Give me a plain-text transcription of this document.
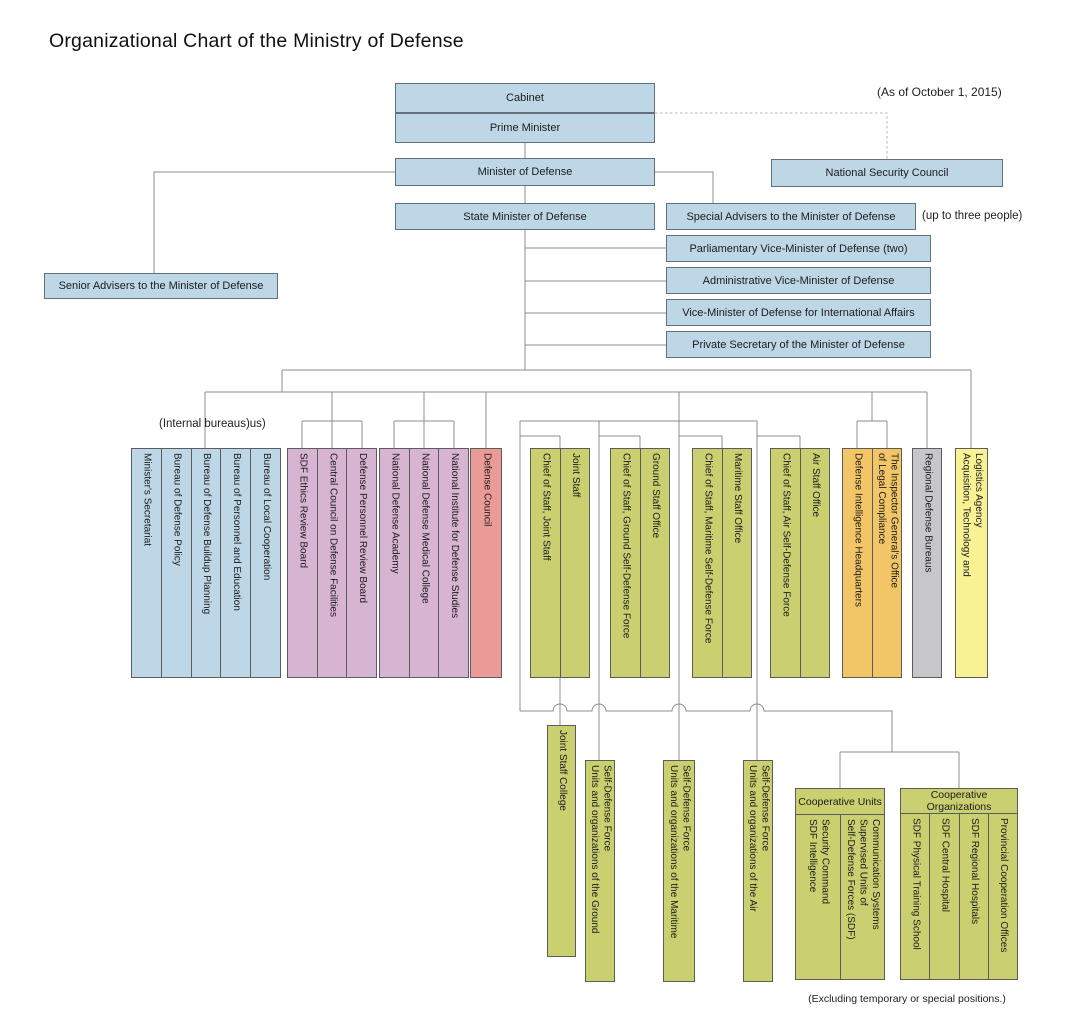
Organizational Chart of the Ministry of Defense
(As of October 1, 2015)
(up to three people)
(Internal bureaus)us)
(Excluding temporary or special positions.)
Cabinet
Prime Minister
Minister of Defense	National Security Council
State Minister of Defense	Special Advisers to the Minister of Defense
Parliamentary Vice-Minister of Defense (two)
Administrative Vice-Minister of Defense
Vice-Minister of Defense for International Affairs
Private Secretary of the Minister of Defense
Senior Advisers to the Minister of Defense
Minister's Secretariat Bureau of Defense Policy Bureau of Defense Buildup Planning Bureau of Personnel and Education Bureau of Local Cooperation	SDF Ethics Review Board Central Council on Defense Facilities Defense Personnel Review Board National Defense Academy National Defense Medical College National Institute for Defense Studies Defense Council	Chief of Staff, Joint Staff Joint Staff	Chief of Staff, Ground Self-Defense Force Ground Staff Office	Chief of Staff, Maritime Self-Defense Force Maritime Staff Office	Chief of Staff, Air Self-Defense Force Air Staff Office	Defense Intelligence Headquarters The Inspector General's Office
of Legal Compliance	Regional Defense Bureaus	Acquisition, Technology and Logistics Agency
Joint Staff College Units and organizations of the Ground Self-Defense Force	Units and organizations of the Maritime Self-Defense Force	Units and organizations of the Air Self-Defense Force	Cooperative Units
SDF Intelligence Security Command Self-Defense Forces (SDF) Supervised Units of Communication Systems
Cooperative Organizations
SDF Physical Training School SDF Central Hospital SDF Regional Hospitals Provincial Cooperation Offices
